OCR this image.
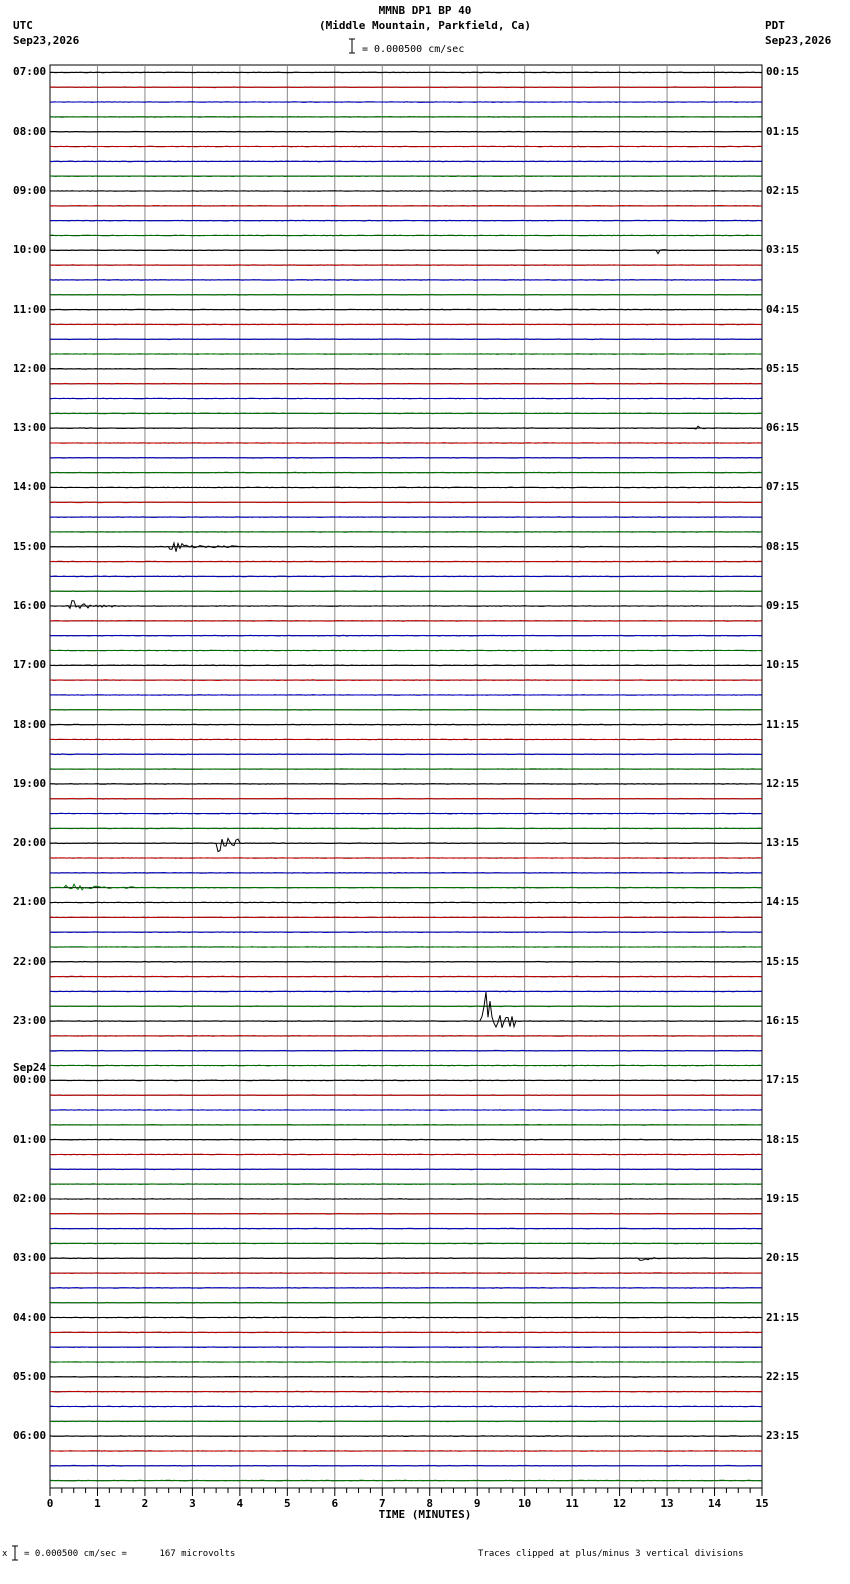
MMNB DP1 BP 40
(Middle Mountain, Parkfield, Ca)
UTC
Sep23,2026
PDT
Sep23,2026
= 0.000500 cm/sec
07:00
08:00
09:00
10:00
11:00
12:00
13:00
14:00
15:00
16:00
17:00
18:00
19:00
20:00
21:00
22:00
23:00
Sep24
00:00
01:00
02:00
03:00
04:00
05:00
06:00
00:15
01:15
02:15
03:15
04:15
05:15
06:15
07:15
08:15
09:15
10:15
11:15
12:15
13:15
14:15
15:15
16:15
17:15
18:15
19:15
20:15
21:15
22:15
23:15
TIME (MINUTES)
x = 0.000500 cm/sec =      167 microvolts	Traces clipped at plus/minus 3 vertical divisions
0	1	2	3	4	5	6	7	8	9	10	11	12	13	14	15
